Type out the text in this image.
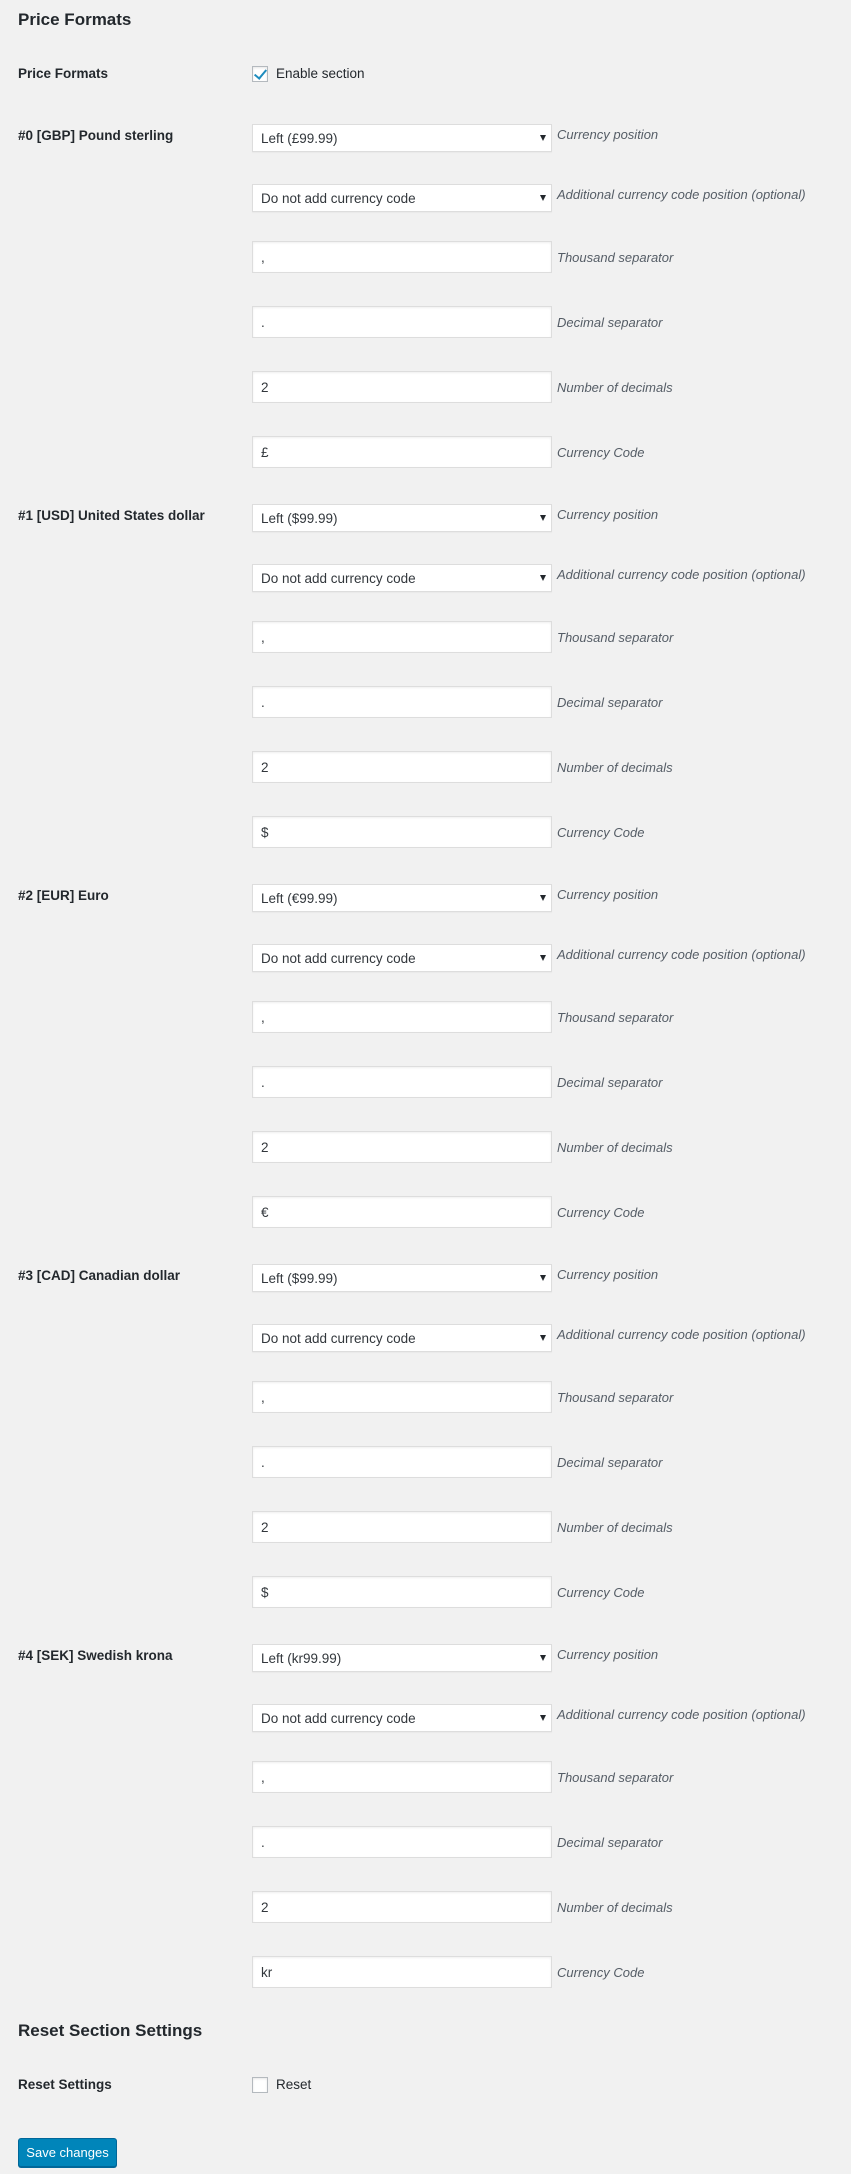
Price Formats
Price Formats	Enable section
#0 [GBP] Pound sterling	Left (£99.99)	Currency position
Do not add currency code	Additional currency code position (optional)
,	Thousand separator
.	Decimal separator
2	Number of decimals
£	Currency Code
#1 [USD] United States dollar	Left ($99.99)	Currency position
Do not add currency code	Additional currency code position (optional)
,	Thousand separator
.	Decimal separator
2	Number of decimals
$	Currency Code
#2 [EUR] Euro	Left (€99.99)	Currency position
Do not add currency code	Additional currency code position (optional)
,	Thousand separator
.	Decimal separator
2	Number of decimals
€	Currency Code
#3 [CAD] Canadian dollar	Left ($99.99)	Currency position
Do not add currency code	Additional currency code position (optional)
,	Thousand separator
.	Decimal separator
2	Number of decimals
$	Currency Code
#4 [SEK] Swedish krona	Left (kr99.99)	Currency position
Do not add currency code	Additional currency code position (optional)
,	Thousand separator
.	Decimal separator
2	Number of decimals
kr	Currency Code
Reset Section Settings
Reset Settings	Reset
Save changes
